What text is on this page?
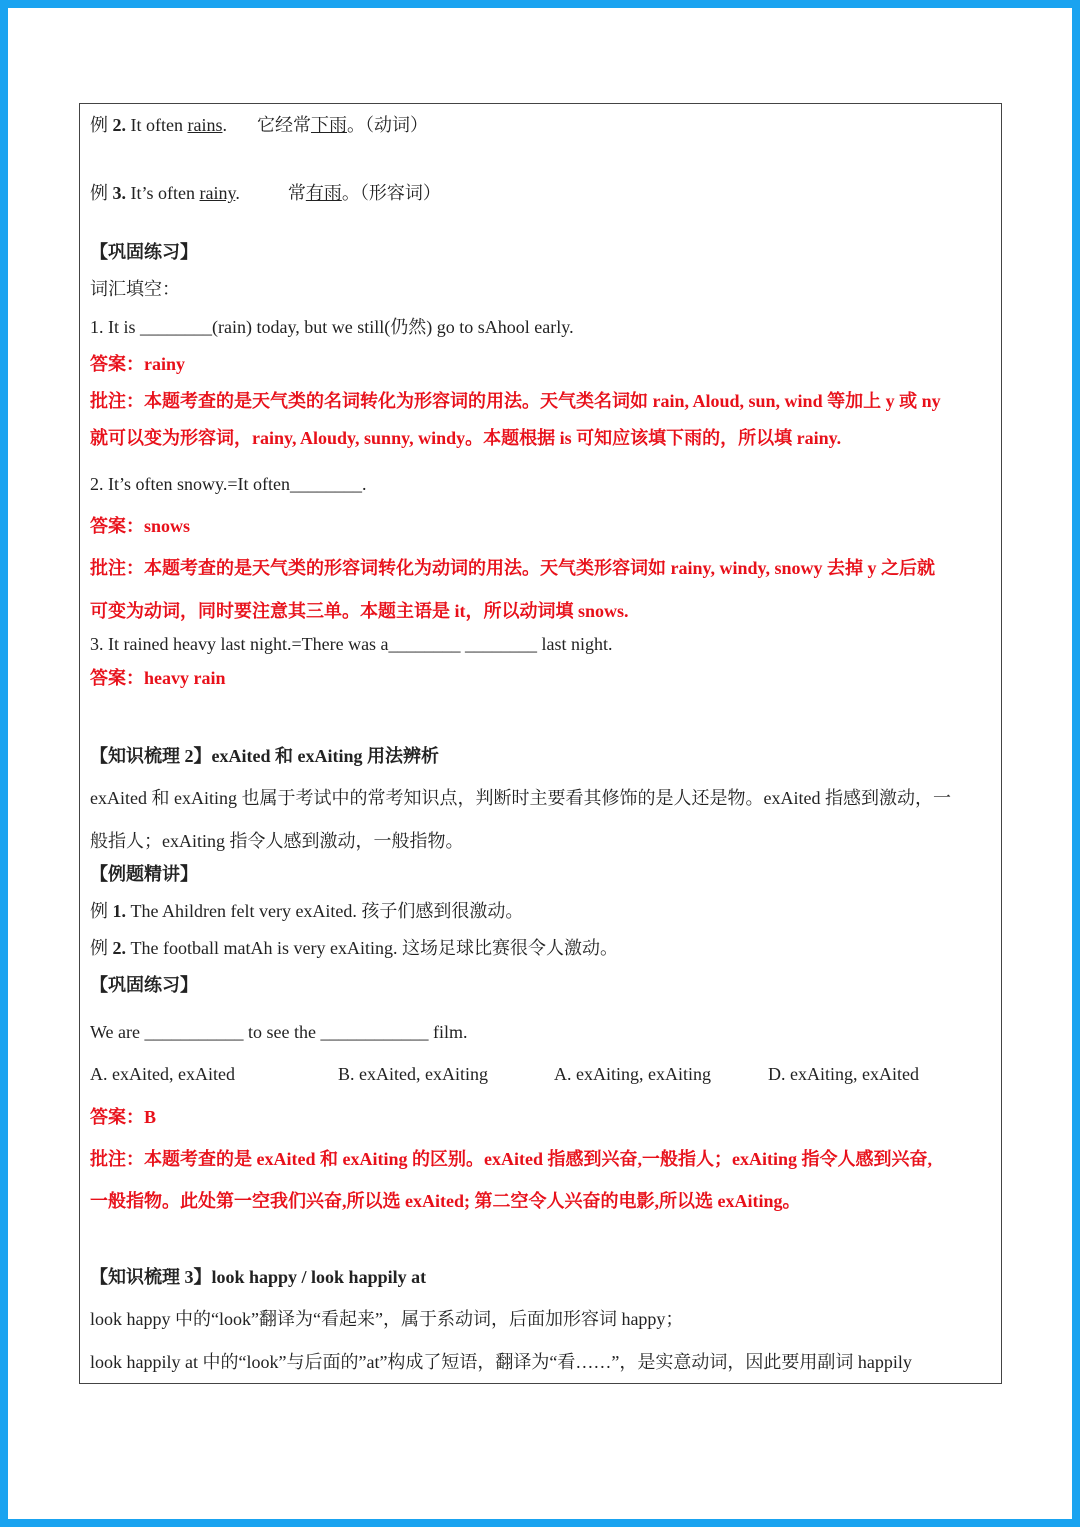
例 2. It often rains. 它经常下雨。（动词）
例 3. It’s often rainy.	常有雨。（形容词）
【巩固练习】
词汇填空：
1. It is ________(rain) today, but we still(仍然) go to sAhool early.
答案：rainy
批注：本题考查的是天气类的名词转化为形容词的用法。天气类名词如 rain, Aloud, sun, wind 等加上 y 或 ny
就可以变为形容词，rainy, Aloudy, sunny, windy。本题根据 is 可知应该填下雨的，所以填 rainy.
2. It’s often snowy.=It often________.
答案：snows
批注：本题考查的是天气类的形容词转化为动词的用法。天气类形容词如 rainy, windy, snowy 去掉 y 之后就
可变为动词，同时要注意其三单。本题主语是 it，所以动词填 snows.
3. It rained heavy last night.=There was a________ ________ last night.
答案：heavy rain
【知识梳理 2】exAited 和 exAiting 用法辨析
exAited 和 exAiting 也属于考试中的常考知识点，判断时主要看其修饰的是人还是物。exAited 指感到激动，一
般指人；exAiting 指令人感到激动，一般指物。
【例题精讲】
例 1. The Ahildren felt very exAited. 孩子们感到很激动。
例 2. The football matAh is very exAiting. 这场足球比赛很令人激动。
【巩固练习】
We are ___________ to see the ____________ film.
A. exAited, exAited	B. exAited, exAiting	A. exAiting, exAiting	D. exAiting, exAited
答案：B
批注：本题考查的是 exAited 和 exAiting 的区别。exAited 指感到兴奋,一般指人；exAiting 指令人感到兴奋,
一般指物。此处第一空我们兴奋,所以选 exAited; 第二空令人兴奋的电影,所以选 exAiting。
【知识梳理 3】look happy / look happily at
look happy 中的“look”翻译为“看起来”，属于系动词，后面加形容词 happy；
look happily at 中的“look”与后面的”at”构成了短语，翻译为“看……”，是实意动词，因此要用副词 happily
